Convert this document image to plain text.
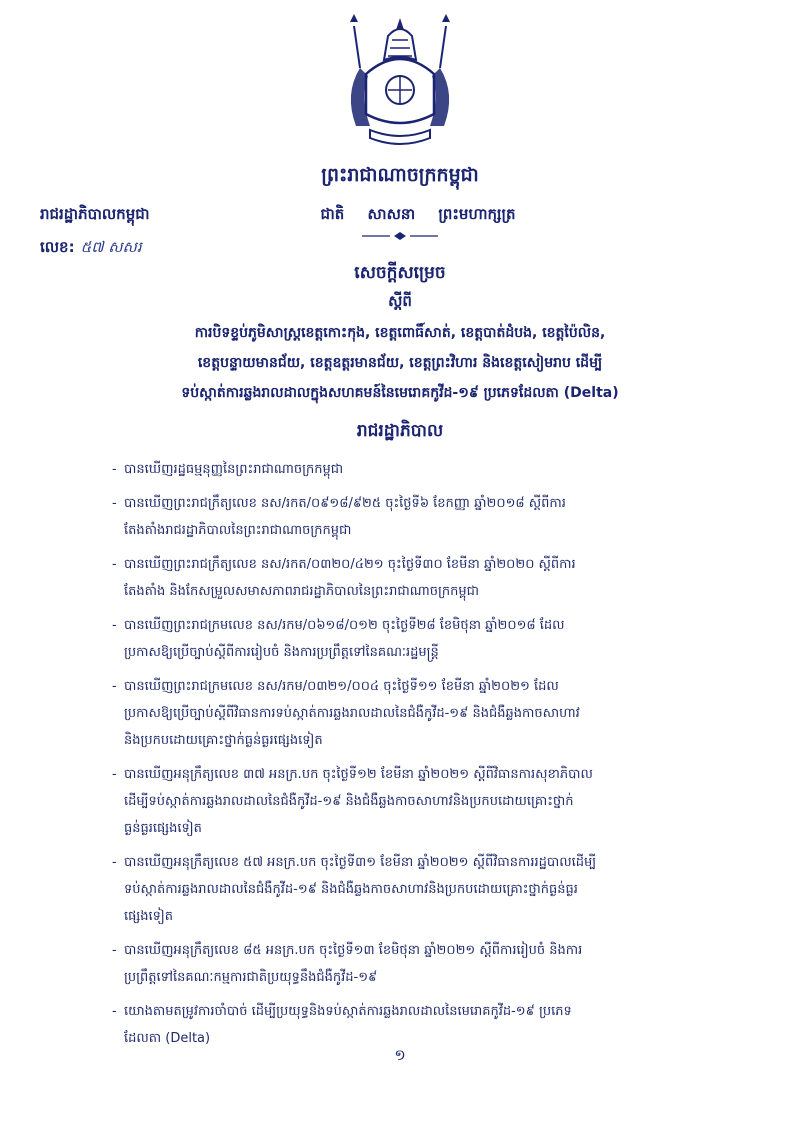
ព្រះរាជាណាចក្រកម្ពុជា
ជាតិ សាសនា ព្រះមហាក្សត្រ
រាជរដ្ឋាភិបាលកម្ពុជា
លេខ: ៥៧ សសរ
សេចក្តីសម្រេច
ស្តីពី
ការបិទខ្ទប់ភូមិសាស្ត្រខេត្តកោះកុង, ខេត្តពោធិ៍សាត់, ខេត្តបាត់ដំបង, ខេត្តប៉ៃលិន,
ខេត្តបន្ទាយមានជ័យ, ខេត្តឧត្តរមានជ័យ, ខេត្តព្រះវិហារ និងខេត្តសៀមរាប ដើម្បី
ទប់ស្កាត់ការឆ្លងរាលដាលក្នុងសហគមន៍នៃមេរោគកូវីដ-១៩ ប្រភេទដែលតា (Delta)
រាជរដ្ឋាភិបាល
- បានឃើញរដ្ឋធម្មនុញ្ញនៃព្រះរាជាណាចក្រកម្ពុជា
- បានឃើញព្រះរាជក្រឹត្យលេខ នស/រកត/០៩១៨/៩២៥ ចុះថ្ងៃទី៦ ខែកញ្ញា ឆ្នាំ២០១៨ ស្តីពីការ
តែងតាំងរាជរដ្ឋាភិបាលនៃព្រះរាជាណាចក្រកម្ពុជា
- បានឃើញព្រះរាជក្រឹត្យលេខ នស/រកត/០៣២០/៤២១ ចុះថ្ងៃទី៣០ ខែមីនា ឆ្នាំ២០២០ ស្តីពីការ
តែងតាំង និងកែសម្រួលសមាសភាពរាជរដ្ឋាភិបាលនៃព្រះរាជាណាចក្រកម្ពុជា
- បានឃើញព្រះរាជក្រមលេខ នស/រកម/០៦១៨/០១២ ចុះថ្ងៃទី២៨ ខែមិថុនា ឆ្នាំ២០១៨ ដែល
ប្រកាសឱ្យប្រើច្បាប់ស្តីពីការរៀបចំ និងការប្រព្រឹត្តទៅនៃគណៈរដ្ឋមន្ត្រី
- បានឃើញព្រះរាជក្រមលេខ នស/រកម/០៣២១/០០៤ ចុះថ្ងៃទី១១ ខែមីនា ឆ្នាំ២០២១ ដែល
ប្រកាសឱ្យប្រើច្បាប់ស្តីពីវិធានការទប់ស្កាត់ការឆ្លងរាលដាលនៃជំងឺកូវីដ-១៩ និងជំងឺឆ្លងកាចសាហាវ
និងប្រកបដោយគ្រោះថ្នាក់ធ្ងន់ធ្ងរផ្សេងទៀត
- បានឃើញអនុក្រឹត្យលេខ ៣៧ អនក្រ.បក ចុះថ្ងៃទី១២ ខែមីនា ឆ្នាំ២០២១ ស្តីពីវិធានការសុខាភិបាល
ដើម្បីទប់ស្កាត់ការឆ្លងរាលដាលនៃជំងឺកូវីដ-១៩ និងជំងឺឆ្លងកាចសាហាវនិងប្រកបដោយគ្រោះថ្នាក់
ធ្ងន់ធ្ងរផ្សេងទៀត
- បានឃើញអនុក្រឹត្យលេខ ៥៧ អនក្រ.បក ចុះថ្ងៃទី៣១ ខែមីនា ឆ្នាំ២០២១ ស្តីពីវិធានការរដ្ឋបាលដើម្បី
ទប់ស្កាត់ការឆ្លងរាលដាលនៃជំងឺកូវីដ-១៩ និងជំងឺឆ្លងកាចសាហាវនិងប្រកបដោយគ្រោះថ្នាក់ធ្ងន់ធ្ងរ
ផ្សេងទៀត
- បានឃើញអនុក្រឹត្យលេខ ៨៥ អនក្រ.បក ចុះថ្ងៃទី១៣ ខែមិថុនា ឆ្នាំ២០២១ ស្តីពីការរៀបចំ និងការ
ប្រព្រឹត្តទៅនៃគណៈកម្មការជាតិប្រយុទ្ធនឹងជំងឺកូវីដ-១៩
- យោងតាមតម្រូវការចាំបាច់ ដើម្បីប្រយុទ្ធនិងទប់ស្កាត់ការឆ្លងរាលដាលនៃមេរោគកូវីដ-១៩ ប្រភេទ
ដែលតា (Delta)
១
